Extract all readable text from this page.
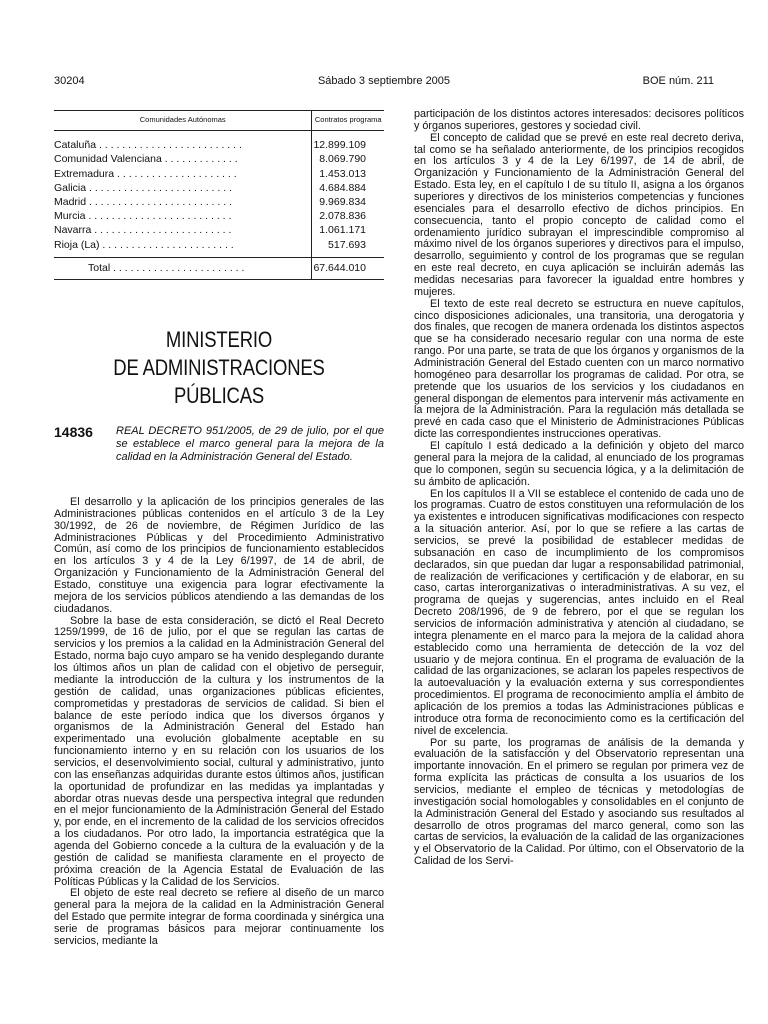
30204	Sábado 3 septiembre 2005	BOE núm. 211
Comunidades Autónomas	Contratos programa
Cataluña . . . . . . . . . . . . . . . . . . . . . . . . .	12.899.109
Comunidad Valenciana . . . . . . . . . . . . .	8.069.790
Extremadura . . . . . . . . . . . . . . . . . . . . .	1.453.013
Galicia . . . . . . . . . . . . . . . . . . . . . . . . .	4.684.884
Madrid . . . . . . . . . . . . . . . . . . . . . . . . .	9.969.834
Murcia . . . . . . . . . . . . . . . . . . . . . . . . .	2.078.836
Navarra . . . . . . . . . . . . . . . . . . . . . . . .	1.061.171
Rioja (La) . . . . . . . . . . . . . . . . . . . . . . .	517.693
Total . . . . . . . . . . . . . . . . . . . . . . .	67.644.010
MINISTERIO
DE ADMINISTRACIONES PÚBLICAS
14836 REAL DECRETO 951/2005, de 29 de julio, por el que se establece el marco general para la mejora de la calidad en la Administración General del Estado.

El desarrollo y la aplicación de los principios generales de las Administraciones públicas contenidos en el artículo 3 de la Ley 30/1992, de 26 de noviembre, de Régimen Jurídico de las Administraciones Públicas y del Procedimiento Administrativo Común, así como de los principios de funcionamiento establecidos en los artículos 3 y 4 de la Ley 6/1997, de 14 de abril, de Organización y Funcionamiento de la Administración General del Estado, constituye una exigencia para lograr efectivamente la mejora de los servicios públicos atendiendo a las demandas de los ciudadanos.

Sobre la base de esta consideración, se dictó el Real Decreto 1259/1999, de 16 de julio, por el que se regulan las cartas de servicios y los premios a la calidad en la Administración General del Estado, norma bajo cuyo amparo se ha venido desplegando durante los últimos años un plan de calidad con el objetivo de perseguir, mediante la introducción de la cultura y los instrumentos de la gestión de calidad, unas organizaciones públicas eficientes, comprometidas y prestadoras de servicios de calidad. Si bien el balance de este período indica que los diversos órganos y organismos de la Administración General del Estado han experimentado una evolución globalmente aceptable en su funcionamiento interno y en su relación con los usuarios de los servicios, el desenvolvimiento social, cultural y administrativo, junto con las enseñanzas adquiridas durante estos últimos años, justifican la oportunidad de profundizar en las medidas ya implantadas y abordar otras nuevas desde una perspectiva integral que redunden en el mejor funcionamiento de la Administración General del Estado y, por ende, en el incremento de la calidad de los servicios ofrecidos a los ciudadanos. Por otro lado, la importancia estratégica que la agenda del Gobierno concede a la cultura de la evaluación y de la gestión de calidad se manifiesta claramente en el proyecto de próxima creación de la Agencia Estatal de Evaluación de las Políticas Públicas y la Calidad de los Servicios.

El objeto de este real decreto se refiere al diseño de un marco general para la mejora de la calidad en la Administración General del Estado que permite integrar de forma coordinada y sinérgica una serie de programas básicos para mejorar continuamente los servicios, mediante la

participación de los distintos actores interesados: decisores políticos y órganos superiores, gestores y sociedad civil.

El concepto de calidad que se prevé en este real decreto deriva, tal como se ha señalado anteriormente, de los principios recogidos en los artículos 3 y 4 de la Ley 6/1997, de 14 de abril, de Organización y Funcionamiento de la Administración General del Estado. Esta ley, en el capítulo I de su título II, asigna a los órganos superiores y directivos de los ministerios competencias y funciones esenciales para el desarrollo efectivo de dichos principios. En consecuencia, tanto el propio concepto de calidad como el ordenamiento jurídico subrayan el imprescindible compromiso al máximo nivel de los órganos superiores y directivos para el impulso, desarrollo, seguimiento y control de los programas que se regulan en este real decreto, en cuya aplicación se incluirán además las medidas necesarias para favorecer la igualdad entre hombres y mujeres.

El texto de este real decreto se estructura en nueve capítulos, cinco disposiciones adicionales, una transitoria, una derogatoria y dos finales, que recogen de manera ordenada los distintos aspectos que se ha considerado necesario regular con una norma de este rango. Por una parte, se trata de que los órganos y organismos de la Administración General del Estado cuenten con un marco normativo homogéneo para desarrollar los programas de calidad. Por otra, se pretende que los usuarios de los servicios y los ciudadanos en general dispongan de elementos para intervenir más activamente en la mejora de la Administración. Para la regulación más detallada se prevé en cada caso que el Ministerio de Administraciones Públicas dicte las correspondientes instrucciones operativas.

El capítulo I está dedicado a la definición y objeto del marco general para la mejora de la calidad, al enunciado de los programas que lo componen, según su secuencia lógica, y a la delimitación de su ámbito de aplicación.

En los capítulos II a VII se establece el contenido de cada uno de los programas. Cuatro de estos constituyen una reformulación de los ya existentes e introducen significativas modificaciones con respecto a la situación anterior. Así, por lo que se refiere a las cartas de servicios, se prevé la posibilidad de establecer medidas de subsanación en caso de incumplimiento de los compromisos declarados, sin que puedan dar lugar a responsabilidad patrimonial, de realización de verificaciones y certificación y de elaborar, en su caso, cartas interorganizativas o interadministrativas. A su vez, el programa de quejas y sugerencias, antes incluido en el Real Decreto 208/1996, de 9 de febrero, por el que se regulan los servicios de información administrativa y atención al ciudadano, se integra plenamente en el marco para la mejora de la calidad ahora establecido como una herramienta de detección de la voz del usuario y de mejora continua. En el programa de evaluación de la calidad de las organizaciones, se aclaran los papeles respectivos de la autoevaluación y la evaluación externa y sus correspondientes procedimientos. El programa de reconocimiento amplía el ámbito de aplicación de los premios a todas las Administraciones públicas e introduce otra forma de reconocimiento como es la certificación del nivel de excelencia.

Por su parte, los programas de análisis de la demanda y evaluación de la satisfacción y del Observatorio representan una importante innovación. En el primero se regulan por primera vez de forma explícita las prácticas de consulta a los usuarios de los servicios, mediante el empleo de técnicas y metodologías de investigación social homologables y consolidables en el conjunto de la Administración General del Estado y asociando sus resultados al desarrollo de otros programas del marco general, como son las cartas de servicios, la evaluación de la calidad de las organizaciones y el Observatorio de la Calidad. Por último, con el Observatorio de la Calidad de los Servi-
